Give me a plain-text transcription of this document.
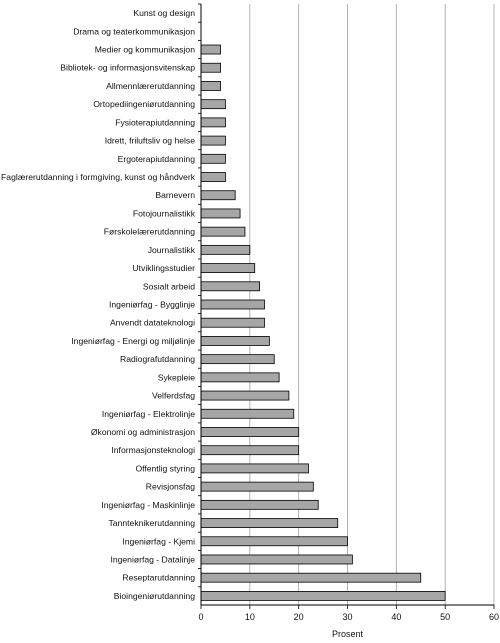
Kunst og design
Drama og teaterkommunikasjon
Medier og kommunikasjon
Bibliotek- og informasjonsvitenskap
Allmennlærerutdanning
Ortopediingeniørutdanning
Fysioterapiutdanning
Idrett, friluftsliv og helse
Ergoterapiutdanning
Faglærerutdanning i formgiving, kunst og håndverk
Barnevern
Fotojournalistikk
Førskolelærerutdanning
Journalistikk
Utviklingsstudier
Sosialt arbeid
Ingeniørfag - Bygglinje
Anvendt datateknologi
Ingeniørfag - Energi og miljølinje
Radiografutdanning
Sykepleie
Velferdsfag
Ingeniørfag - Elektrolinje
Økonomi og administrasjon
Informasjonsteknologi
Offentlig styring
Revisjonsfag
Ingeniørfag - Maskinlinje
Tannteknikerutdanning
Ingeniørfag - Kjemi
Ingeniørfag - Datalinje
Reseptarutdanning
Bioingeniørutdanning
0	10	20	30	40	50	60
Prosent
